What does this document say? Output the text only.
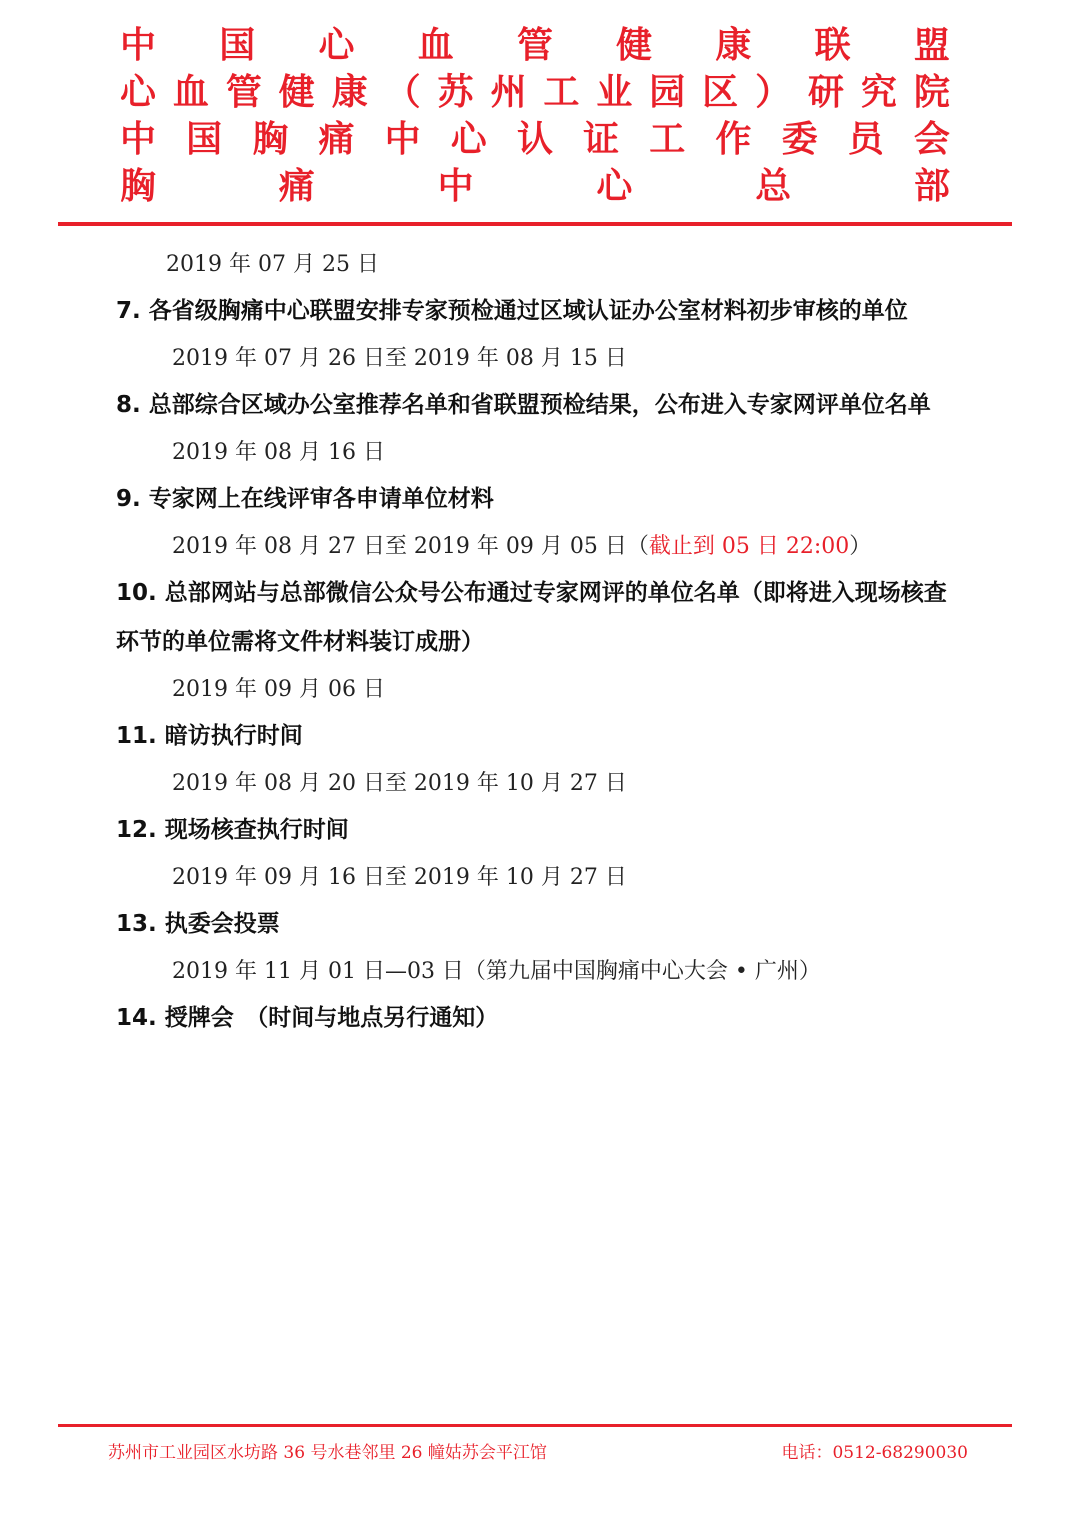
中 国 心 血 管 健 康 联 盟
心 血 管 健 康 （ 苏 州 工 业 园 区 ） 研 究 院
中 国 胸 痛 中 心 认 证 工 作 委 员 会
胸	痛	中	心	总	部
2019 年 07 月 25 日
7. 各省级胸痛中心联盟安排专家预检通过区域认证办公室材料初步审核的单位
2019 年 07 月 26 日至 2019 年 08 月 15 日
8. 总部综合区域办公室推荐名单和省联盟预检结果，公布进入专家网评单位名单
2019 年 08 月 16 日
9. 专家网上在线评审各申请单位材料
2019 年 08 月 27 日至 2019 年 09 月 05 日（截止到 05 日 22:00）
10. 总部网站与总部微信公众号公布通过专家网评的单位名单（即将进入现场核查环节的单位需将文件材料装订成册）
2019 年 09 月 06 日
11. 暗访执行时间
2019 年 08 月 20 日至 2019 年 10 月 27 日
12. 现场核查执行时间
2019 年 09 月 16 日至 2019 年 10 月 27 日
13. 执委会投票
2019 年 11 月 01 日—03 日（第九届中国胸痛中心大会 • 广州）
14. 授牌会　（时间与地点另行通知）
苏州市工业园区水坊路 36 号水巷邻里 26 幢姑苏会平江馆	电话：0512-68290030
